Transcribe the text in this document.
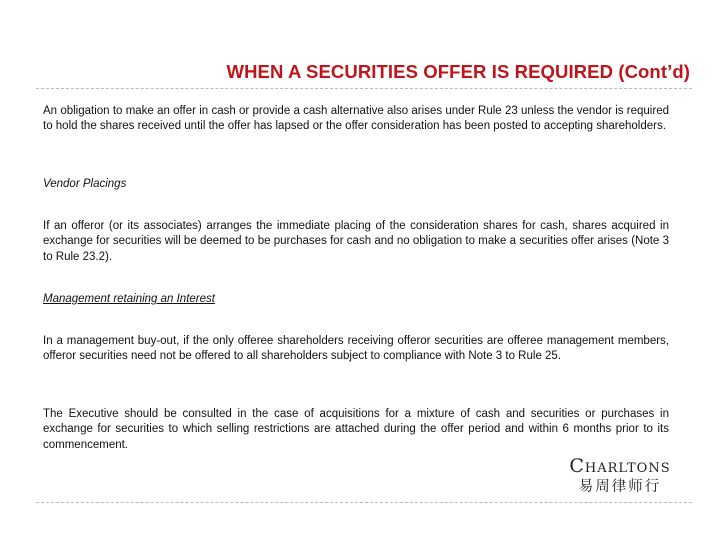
WHEN A SECURITIES OFFER IS REQUIRED (Cont’d)

An obligation to make an offer in cash or provide a cash alternative also arises under Rule 23 unless the vendor is required to hold the shares received until the offer has lapsed or the offer consideration has been posted to accepting shareholders.

Vendor Placings

If an offeror (or its associates) arranges the immediate placing of the consideration shares for cash, shares acquired in exchange for securities will be deemed to be purchases for cash and no obligation to make a securities offer arises (Note 3 to Rule 23.2).

Management retaining an Interest

In a management buy-out, if the only offeree shareholders receiving offeror securities are offeree management members, offeror securities need not be offered to all shareholders subject to compliance with Note 3 to Rule 25.

The Executive should be consulted in the case of acquisitions for a mixture of cash and securities or purchases in exchange for securities to which selling restrictions are attached during the offer period and within 6 months prior to its commencement.

Charltons
易周律师行
